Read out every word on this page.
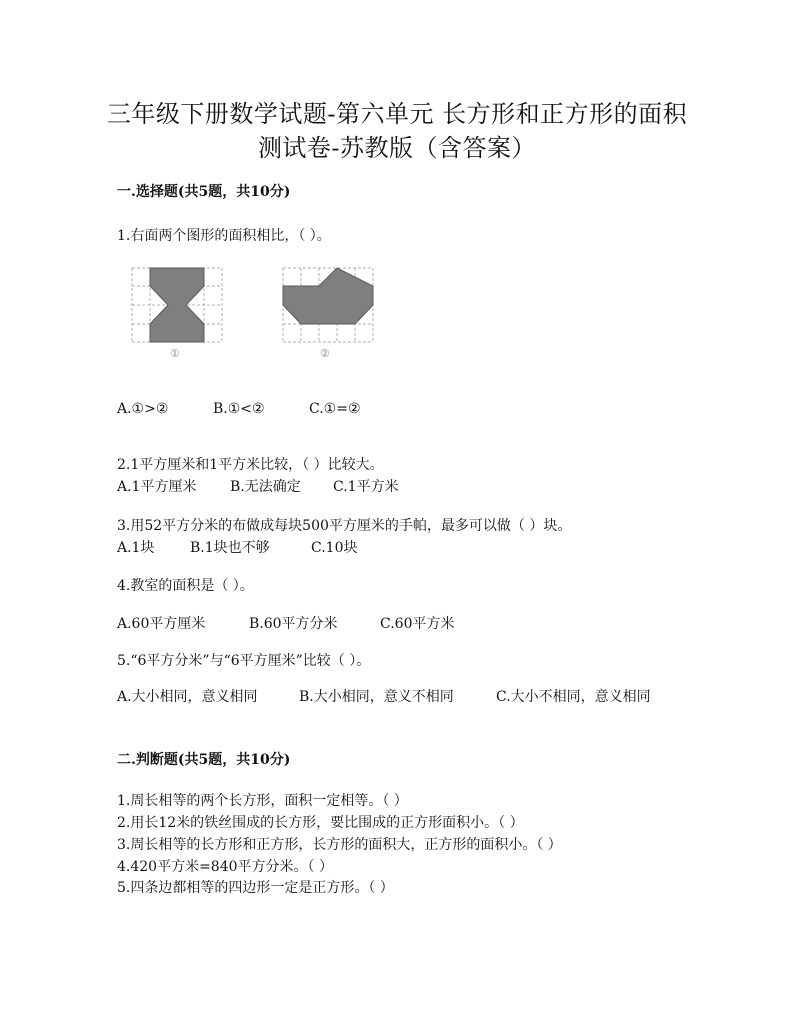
三年级下册数学试题-第六单元 长方形和正方形的面积
测试卷-苏教版（含答案）
一.选择题(共5题，共10分)
1.右面两个图形的面积相比，（ ）。
①	②
A.①>②	B.①<②	C.①=②
2.1平方厘米和1平方米比较，（ ）比较大。
A.1平方厘米 B.无法确定 C.1平方米
3.用52平方分米的布做成每块500平方厘米的手帕，最多可以做（ ）块。
A.1块	B.1块也不够	C.10块
4.教室的面积是（ ）。
A.60平方厘米	B.60平方分米	C.60平方米
5.“6平方分米”与“6平方厘米”比较（ ）。
A.大小相同，意义相同	B.大小相同，意义不相同	C.大小不相同，意义相同
二.判断题(共5题，共10分)
1.周长相等的两个长方形，面积一定相等。（ ）
2.用长12米的铁丝围成的长方形，要比围成的正方形面积小。（ ）
3.周长相等的长方形和正方形，长方形的面积大，正方形的面积小。（ ）
4.420平方米=840平方分米。（ ）
5.四条边都相等的四边形一定是正方形。（ ）
